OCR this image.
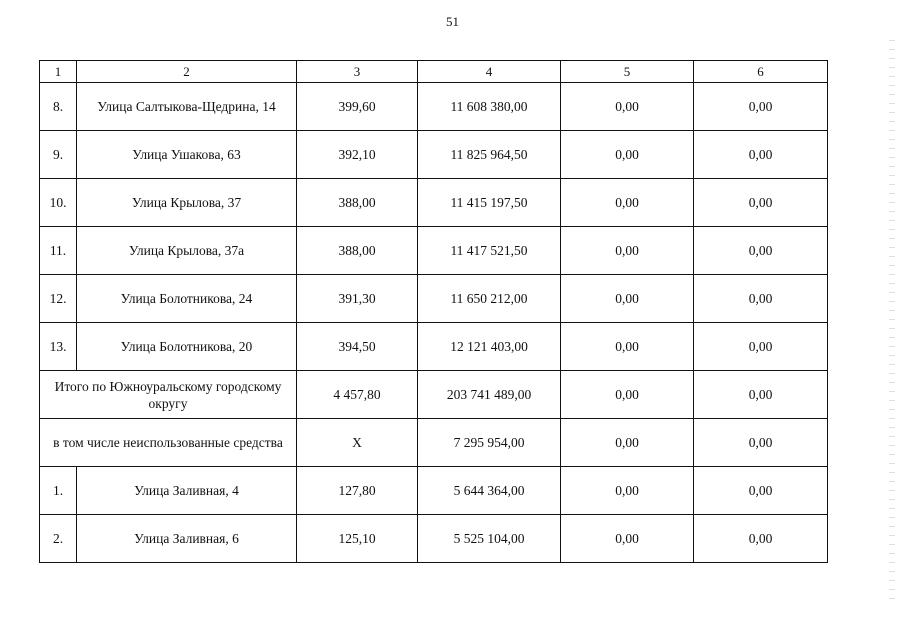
51
1	2	3	4	5	6
8.	Улица Салтыкова-Щедрина, 14	399,60	11 608 380,00	0,00	0,00
9.	Улица Ушакова, 63	392,10	11 825 964,50	0,00	0,00
10.	Улица Крылова, 37	388,00	11 415 197,50	0,00	0,00
11.	Улица Крылова, 37а	388,00	11 417 521,50	0,00	0,00
12.	Улица Болотникова, 24	391,30	11 650 212,00	0,00	0,00
13.	Улица Болотникова, 20	394,50	12 121 403,00	0,00	0,00
Итого по Южноуральскому городскому округу		4 457,80	203 741 489,00	0,00	0,00
в том числе неиспользованные средства		X	7 295 954,00	0,00	0,00
1.	Улица Заливная, 4	127,80	5 644 364,00	0,00	0,00
2.	Улица Заливная, 6	125,10	5 525 104,00	0,00	0,00
